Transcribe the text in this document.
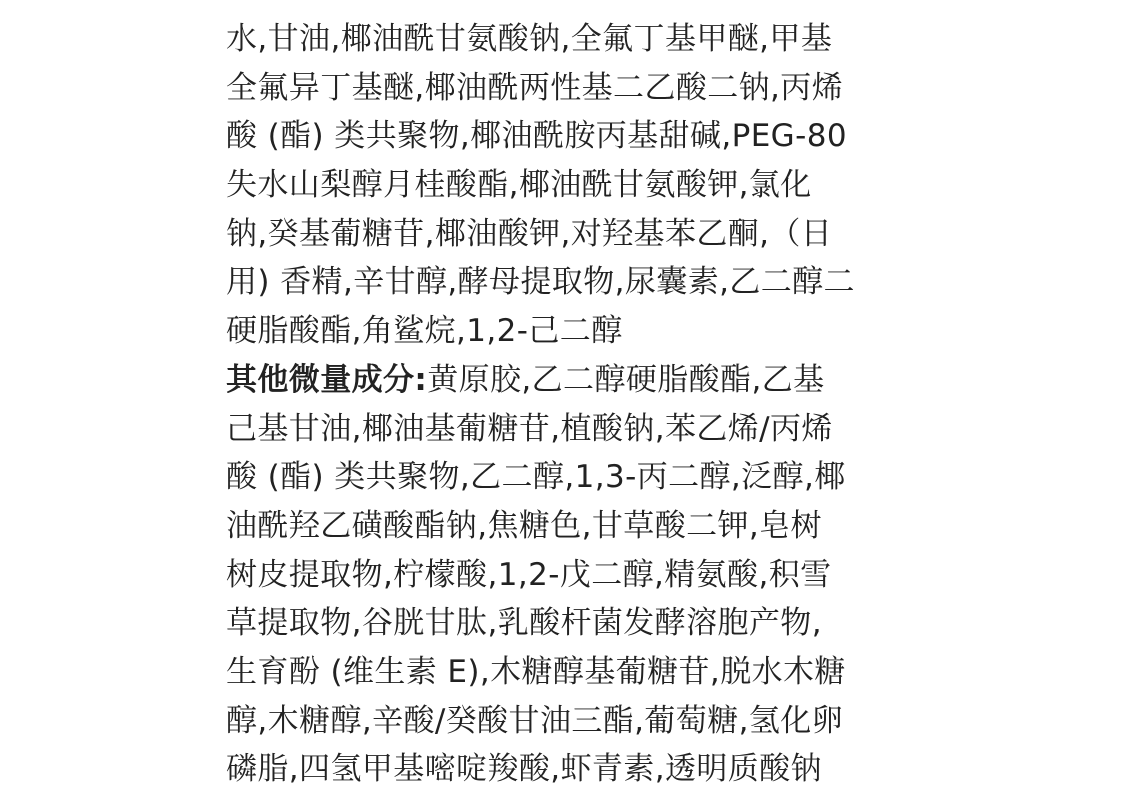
水,甘油,椰油酰甘氨酸钠,全氟丁基甲醚,甲基
全氟异丁基醚,椰油酰两性基二乙酸二钠,丙烯
酸 (酯) 类共聚物,椰油酰胺丙基甜碱,PEG-80
失水山梨醇月桂酸酯,椰油酰甘氨酸钾,氯化
钠,癸基葡糖苷,椰油酸钾,对羟基苯乙酮,（日
用) 香精,辛甘醇,酵母提取物,尿囊素,乙二醇二
硬脂酸酯,角鲨烷,1,2-己二醇
其他微量成分:黄原胶,乙二醇硬脂酸酯,乙基
己基甘油,椰油基葡糖苷,植酸钠,苯乙烯/丙烯
酸 (酯) 类共聚物,乙二醇,1,3-丙二醇,泛醇,椰
油酰羟乙磺酸酯钠,焦糖色,甘草酸二钾,皂树
树皮提取物,柠檬酸,1,2-戊二醇,精氨酸,积雪
草提取物,谷胱甘肽,乳酸杆菌发酵溶胞产物,
生育酚 (维生素 E),木糖醇基葡糖苷,脱水木糖
醇,木糖醇,辛酸/癸酸甘油三酯,葡萄糖,氢化卵
磷脂,四氢甲基嘧啶羧酸,虾青素,透明质酸钠
